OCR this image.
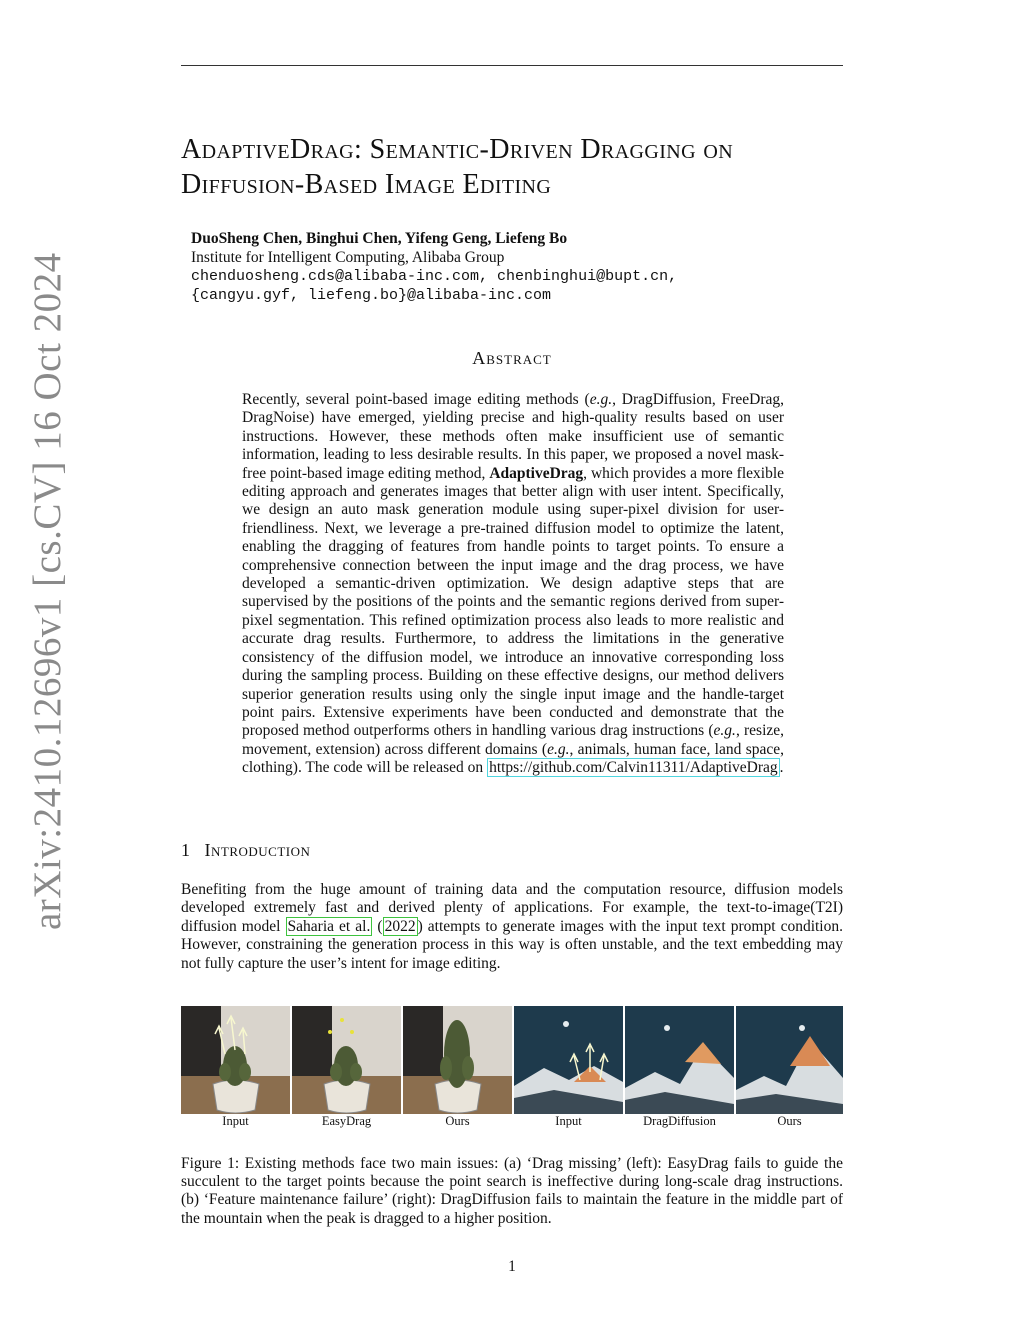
arXiv:2410.12696v1 [cs.CV] 16 Oct 2024
AdaptiveDrag: Semantic-Driven Dragging on
Diffusion-Based Image Editing
DuoSheng Chen, Binghui Chen, Yifeng Geng, Liefeng Bo
Institute for Intelligent Computing, Alibaba Group
chenduosheng.cds@alibaba-inc.com, chenbinghui@bupt.cn,
{cangyu.gyf, liefeng.bo}@alibaba-inc.com
Abstract
Recently, several point-based image editing methods (e.g., DragDiffusion, FreeDrag, DragNoise) have emerged, yielding precise and high-quality results based on user instructions. However, these methods often make insufficient use of semantic information, leading to less desirable results. In this paper, we proposed a novel mask-free point-based image editing method, AdaptiveDrag, which provides a more flexible editing approach and generates images that better align with user intent. Specifically, we design an auto mask generation module using super-pixel division for user-friendliness. Next, we leverage a pre-trained diffusion model to optimize the latent, enabling the dragging of features from handle points to target points. To ensure a comprehensive connection between the input image and the drag process, we have developed a semantic-driven optimization. We design adaptive steps that are supervised by the positions of the points and the semantic regions derived from super-pixel segmentation. This refined optimization process also leads to more realistic and accurate drag results. Furthermore, to address the limitations in the generative consistency of the diffusion model, we introduce an innovative corresponding loss during the sampling process. Building on these effective designs, our method delivers superior generation results using only the single input image and the handle-target point pairs. Extensive experiments have been conducted and demonstrate that the proposed method outperforms others in handling various drag instructions (e.g., resize, movement, extension) across different domains (e.g., animals, human face, land space, clothing). The code will be released on https://github.com/Calvin11311/AdaptiveDrag .
1 Introduction
Benefiting from the huge amount of training data and the computation resource, diffusion models developed extremely fast and derived plenty of applications. For example, the text-to-image(T2I) diffusion model Saharia et al. ( 2022 ) attempts to generate images with the input text prompt condition. However, constraining the generation process in this way is often unstable, and the text embedding may not fully capture the user’s intent for image editing.
Input	EasyDrag	Ours	Input	DragDiffusion	Ours
Figure 1: Existing methods face two main issues: (a) ‘Drag missing’ (left): EasyDrag fails to guide the succulent to the target points because the point search is ineffective during long-scale drag instructions. (b) ‘Feature maintenance failure’ (right): DragDiffusion fails to maintain the feature in the middle part of the mountain when the peak is dragged to a higher position.
1
